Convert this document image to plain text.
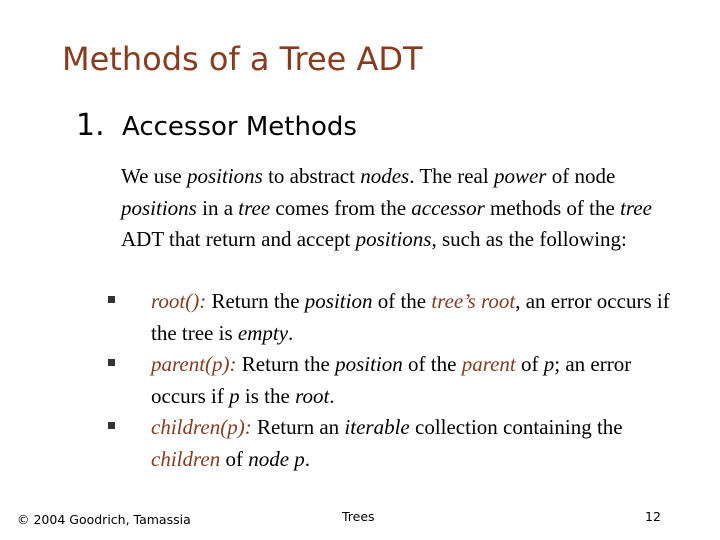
Methods of a Tree ADT
1. Accessor Methods

We use positions to abstract nodes. The real power of node positions in a tree comes from the accessor methods of the tree ADT that return and accept positions, such as the following:

root(): Return the position of the tree’s root, an error occurs if the tree is empty.
parent(p): Return the position of the parent of p; an error occurs if p is the root.
children(p): Return an iterable collection containing the children of node p.
© 2004 Goodrich, Tamassia	Trees	12
